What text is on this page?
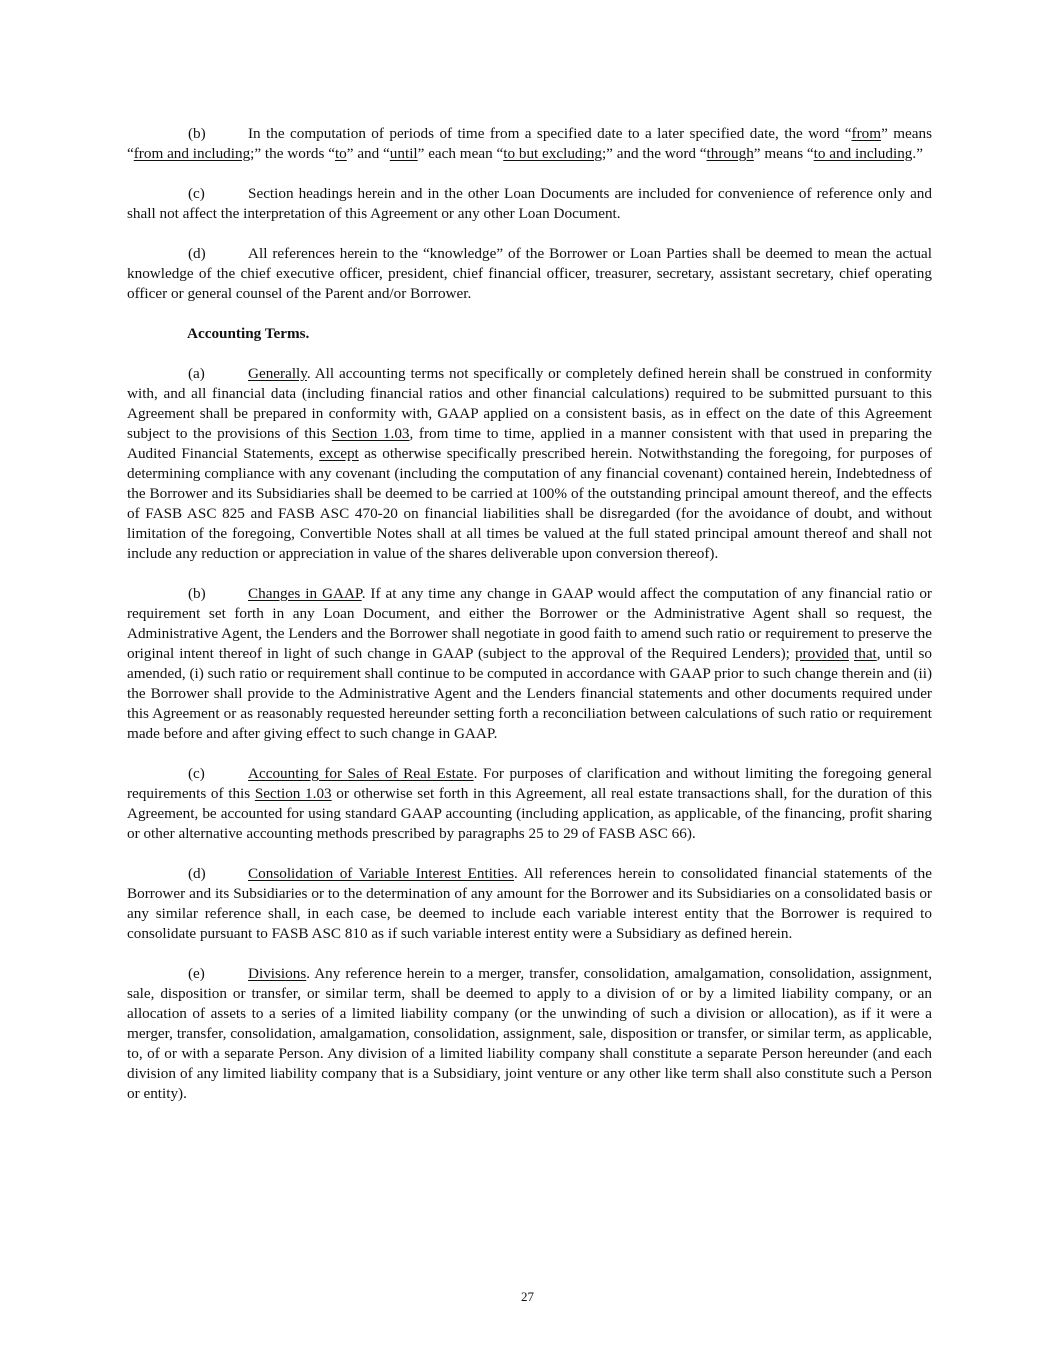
(b)	In the computation of periods of time from a specified date to a later specified date, the word “from” means “from and including;” the words “to” and “until” each mean “to but excluding;” and the word “through” means “to and including.”

(c)	Section headings herein and in the other Loan Documents are included for convenience of reference only and shall not affect the interpretation of this Agreement or any other Loan Document.

(d)	All references herein to the “knowledge” of the Borrower or Loan Parties shall be deemed to mean the actual knowledge of the chief executive officer, president, chief financial officer, treasurer, secretary, assistant secretary, chief operating officer or general counsel of the Parent and/or Borrower.

Accounting Terms.

(a)	Generally. All accounting terms not specifically or completely defined herein shall be construed in conformity with, and all financial data (including financial ratios and other financial calculations) required to be submitted pursuant to this Agreement shall be prepared in conformity with, GAAP applied on a consistent basis, as in effect on the date of this Agreement subject to the provisions of this Section 1.03, from time to time, applied in a manner consistent with that used in preparing the Audited Financial Statements, except as otherwise specifically prescribed herein. Notwithstanding the foregoing, for purposes of determining compliance with any covenant (including the computation of any financial covenant) contained herein, Indebtedness of the Borrower and its Subsidiaries shall be deemed to be carried at 100% of the outstanding principal amount thereof, and the effects of FASB ASC 825 and FASB ASC 470-20 on financial liabilities shall be disregarded (for the avoidance of doubt, and without limitation of the foregoing, Convertible Notes shall at all times be valued at the full stated principal amount thereof and shall not include any reduction or appreciation in value of the shares deliverable upon conversion thereof).

(b)	Changes in GAAP. If at any time any change in GAAP would affect the computation of any financial ratio or requirement set forth in any Loan Document, and either the Borrower or the Administrative Agent shall so request, the Administrative Agent, the Lenders and the Borrower shall negotiate in good faith to amend such ratio or requirement to preserve the original intent thereof in light of such change in GAAP (subject to the approval of the Required Lenders); provided that, until so amended, (i) such ratio or requirement shall continue to be computed in accordance with GAAP prior to such change therein and (ii) the Borrower shall provide to the Administrative Agent and the Lenders financial statements and other documents required under this Agreement or as reasonably requested hereunder setting forth a reconciliation between calculations of such ratio or requirement made before and after giving effect to such change in GAAP.

(c)	Accounting for Sales of Real Estate. For purposes of clarification and without limiting the foregoing general requirements of this Section 1.03 or otherwise set forth in this Agreement, all real estate transactions shall, for the duration of this Agreement, be accounted for using standard GAAP accounting (including application, as applicable, of the financing, profit sharing or other alternative accounting methods prescribed by paragraphs 25 to 29 of FASB ASC 66).

(d)	Consolidation of Variable Interest Entities. All references herein to consolidated financial statements of the Borrower and its Subsidiaries or to the determination of any amount for the Borrower and its Subsidiaries on a consolidated basis or any similar reference shall, in each case, be deemed to include each variable interest entity that the Borrower is required to consolidate pursuant to FASB ASC 810 as if such variable interest entity were a Subsidiary as defined herein.

(e)	Divisions. Any reference herein to a merger, transfer, consolidation, amalgamation, consolidation, assignment, sale, disposition or transfer, or similar term, shall be deemed to apply to a division of or by a limited liability company, or an allocation of assets to a series of a limited liability company (or the unwinding of such a division or allocation), as if it were a merger, transfer, consolidation, amalgamation, consolidation, assignment, sale, disposition or transfer, or similar term, as applicable, to, of or with a separate Person. Any division of a limited liability company shall constitute a separate Person hereunder (and each division of any limited liability company that is a Subsidiary, joint venture or any other like term shall also constitute such a Person or entity).

27
